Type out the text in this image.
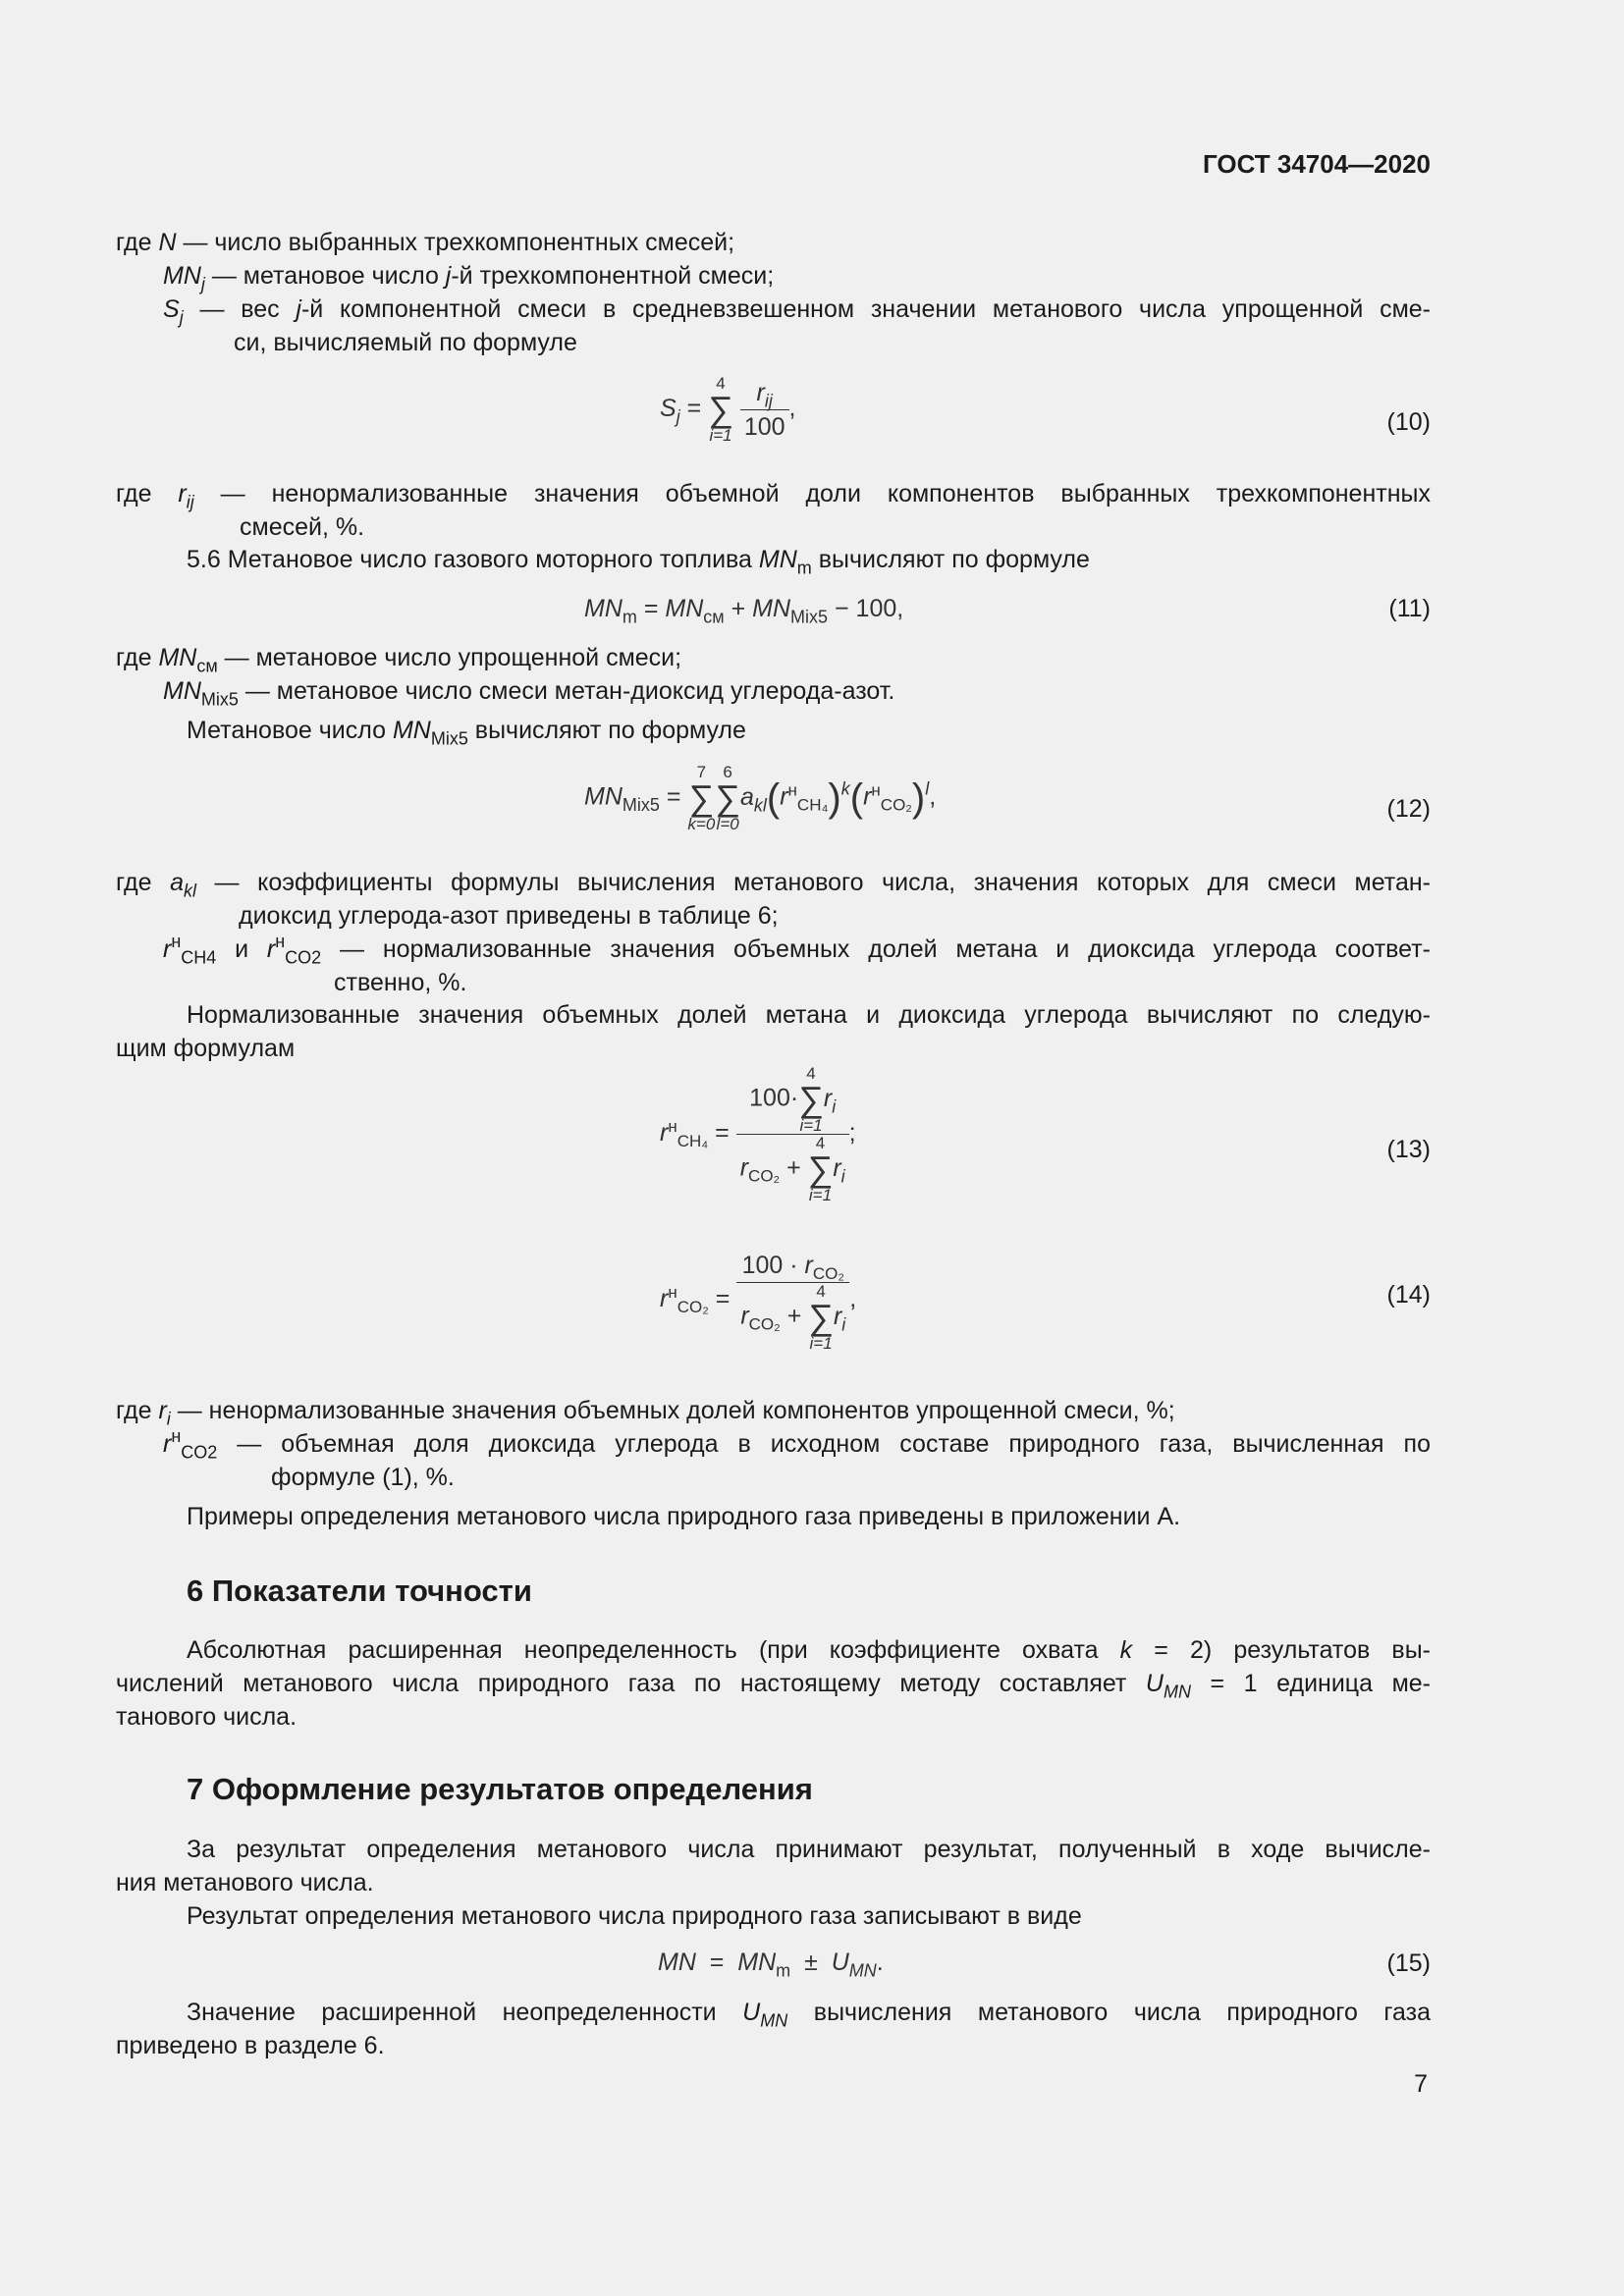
ГОСТ 34704—2020
где N — число выбранных трехкомпонентных смесей;
$MN_j$ — метановое число j-й трехкомпонентной смеси;
$S_j$ — вес j-й компонентной смеси в средневзвешенном значении метанового числа упрощенной сме-
си, вычисляемый по формуле
$S_j$ =
4
∑
i=1
$\frac{r_{ij}}{100}$ ,
(10)
где $r_{ij}$ — ненормализованные значения объемной доли компонентов выбранных трехкомпонентных
смесей, %.
5.6 Метановое число газового моторного топлива $MN_m$ вычисляют по формуле
$MN_m = MN_{см} + MN_{Mix5} - 100$,	(11)
где $MN_{см}$ — метановое число упрощенной смеси;
$MN_{Mix5}$ — метановое число смеси метан-диоксид углерода-азот.
Метановое число $MN_{Mix5}$ вычисляют по формуле
$MN_{Mix5}$ =
7
∑
k=0
6
∑
l=0
$a_{kl}(r^н_{CH_4})^k(r^н_{CO_2})^l$,	(12)
где $a_{kl}$ — коэффициенты формулы вычисления метанового числа, значения которых для смеси метан-
диоксид углерода-азот приведены в таблице 6;
$r^н_{CH4}$ и $r^н_{CO2}$ — нормализованные значения объемных долей метана и диоксида углерода соответ-
ственно, %.
Нормализованные значения объемных долей метана и диоксида углерода вычисляют по следую-
щим формулам
$r^н_{CH_4} = 100\cdot$
4
∑
i=1
$r_i$
$r_{CO_2}$ +
4
∑
i=1
$r_i$ ;
(13)
$r^н_{CO_2} = 100 \cdot r_{CO_2}$
$r_{CO_2}$ +
4
∑
i=1
$r_i$ ,	(14)
где $r_i$ — ненормализованные значения объемных долей компонентов упрощенной смеси, %;
$r^н_{CO2}$ — объемная доля диоксида углерода в исходном составе природного газа, вычисленная по
формуле (1), %.
Примеры определения метанового числа природного газа приведены в приложении А.
6 Показатели точности
Абсолютная расширенная неопределенность (при коэффициенте охвата k = 2) результатов вы-
числений метанового числа природного газа по настоящему методу составляет $U_{MN} = 1$ единица ме-
танового числа.
7 Оформление результатов определения
За результат определения метанового числа принимают результат, полученный в ходе вычисле-
ния метанового числа.
Результат определения метанового числа природного газа записывают в виде
MN  =  $MN_m \pm U_{MN}$.	(15)
Значение расширенной неопределенности $U_{MN}$ вычисления метанового числа природного газа
приведено в разделе 6.
7
